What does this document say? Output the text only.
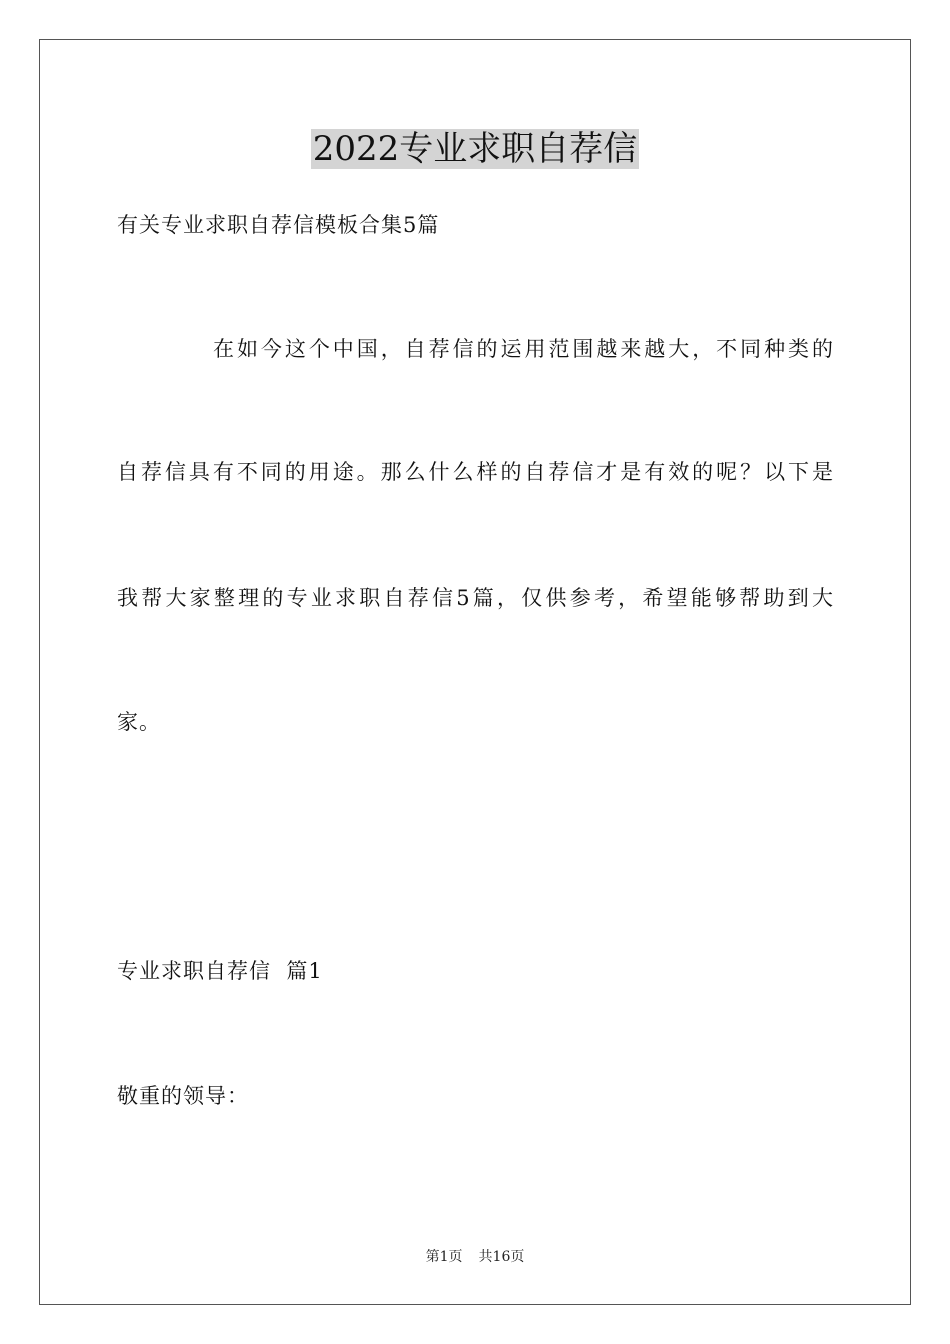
2022专业求职自荐信
有关专业求职自荐信模板合集5篇
在如今这个中国，自荐信的运用范围越来越大，不同种类的
自荐信具有不同的用途。那么什么样的自荐信才是有效的呢？以下是
我帮大家整理的专业求职自荐信5篇，仅供参考，希望能够帮助到大
家。
专业求职自荐信  篇1
敬重的领导：
第1页 共16页
